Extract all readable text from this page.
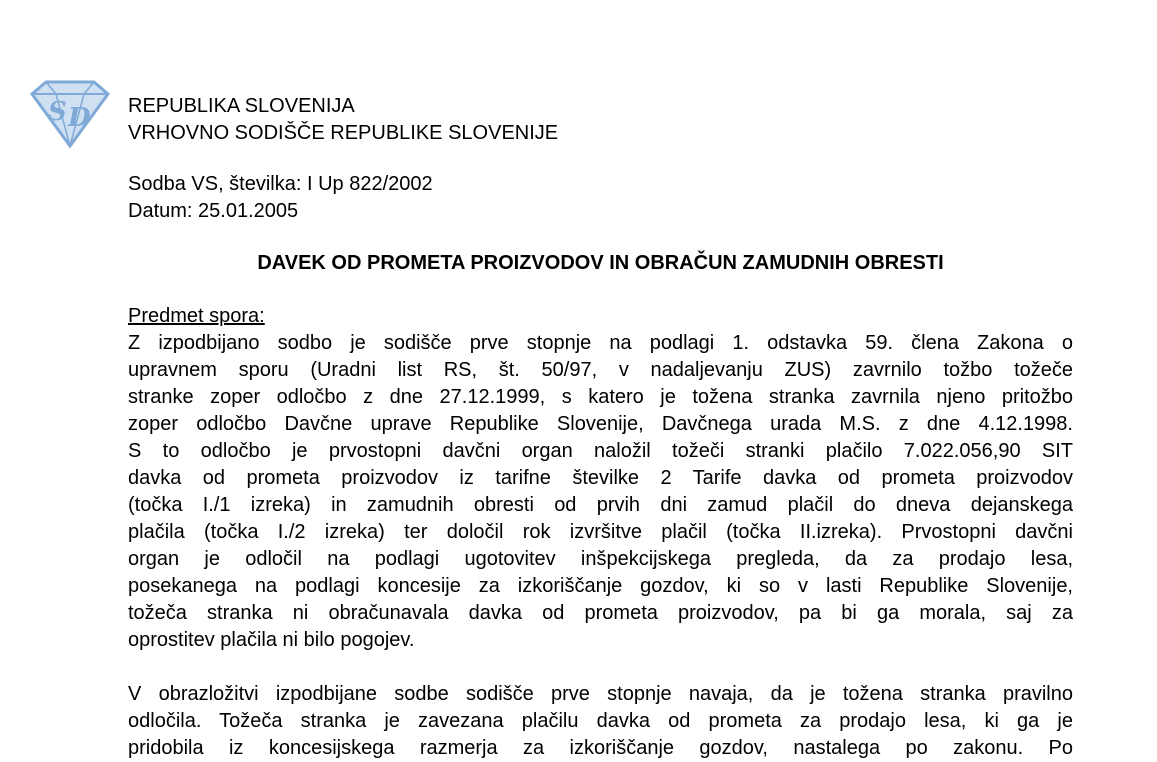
S D REPUBLIKA SLOVENIJA
VRHOVNO SODIŠČE REPUBLIKE SLOVENIJE
Sodba VS, številka: I Up 822/2002
Datum: 25.01.2005
DAVEK OD PROMETA PROIZVODOV IN OBRAČUN ZAMUDNIH OBRESTI
Predmet spora:
Z izpodbijano sodbo je sodišče prve stopnje na podlagi 1. odstavka 59. člena Zakona o
upravnem sporu (Uradni list RS, št. 50/97, v nadaljevanju ZUS) zavrnilo tožbo tožeče
stranke zoper odločbo z dne 27.12.1999, s katero je tožena stranka zavrnila njeno pritožbo
zoper odločbo Davčne uprave Republike Slovenije, Davčnega urada M.S. z dne 4.12.1998.
S to odločbo je prvostopni davčni organ naložil tožeči stranki plačilo 7.022.056,90 SIT
davka od prometa proizvodov iz tarifne številke 2 Tarife davka od prometa proizvodov
(točka I./1 izreka) in zamudnih obresti od prvih dni zamud plačil do dneva dejanskega
plačila (točka I./2 izreka) ter določil rok izvršitve plačil (točka II.izreka). Prvostopni davčni
organ je odločil na podlagi ugotovitev inšpekcijskega pregleda, da za prodajo lesa,
posekanega na podlagi koncesije za izkoriščanje gozdov, ki so v lasti Republike Slovenije,
tožeča stranka ni obračunavala davka od prometa proizvodov, pa bi ga morala, saj za
oprostitev plačila ni bilo pogojev.
V obrazložitvi izpodbijane sodbe sodišče prve stopnje navaja, da je tožena stranka pravilno
odločila. Tožeča stranka je zavezana plačilu davka od prometa za prodajo lesa, ki ga je
pridobila iz koncesijskega razmerja za izkoriščanje gozdov, nastalega po zakonu. Po
